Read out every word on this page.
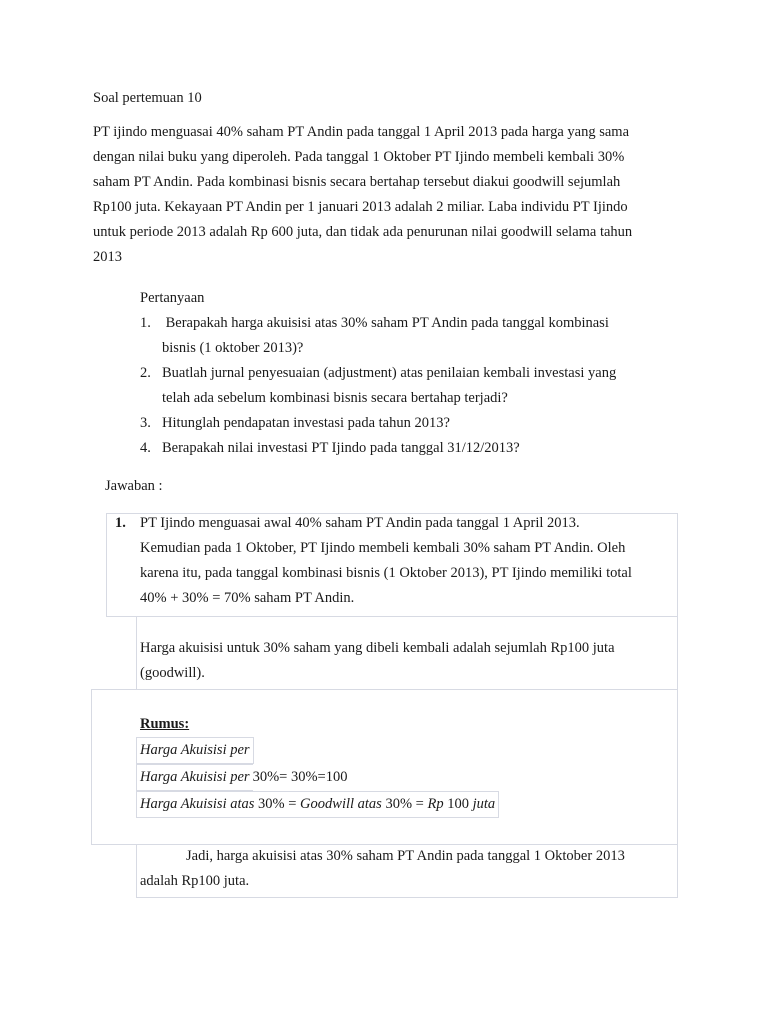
Soal pertemuan 10
PT ijindo menguasai 40% saham PT Andin pada tanggal 1 April 2013 pada harga yang sama
dengan nilai buku yang diperoleh. Pada tanggal 1 Oktober PT Ijindo membeli kembali 30%
saham PT Andin. Pada kombinasi bisnis secara bertahap tersebut diakui goodwill sejumlah
Rp100 juta. Kekayaan PT Andin per 1 januari 2013 adalah 2 miliar. Laba individu PT Ijindo
untuk periode 2013 adalah Rp 600 juta, dan tidak ada penurunan nilai goodwill selama tahun
2013
Pertanyaan
1. Berapakah harga akuisisi atas 30% saham PT Andin pada tanggal kombinasi
bisnis (1 oktober 2013)?
2. Buatlah jurnal penyesuaian (adjustment) atas penilaian kembali investasi yang
telah ada sebelum kombinasi bisnis secara bertahap terjadi?
3. Hitunglah pendapatan investasi pada tahun 2013?
4. Berapakah nilai investasi PT Ijindo pada tanggal 31/12/2013?
Jawaban :
1. PT Ijindo menguasai awal 40% saham PT Andin pada tanggal 1 April 2013.
Kemudian pada 1 Oktober, PT Ijindo membeli kembali 30% saham PT Andin. Oleh
karena itu, pada tanggal kombinasi bisnis (1 Oktober 2013), PT Ijindo memiliki total
40% + 30% = 70% saham PT Andin.
Harga akuisisi untuk 30% saham yang dibeli kembali adalah sejumlah Rp100 juta
(goodwill).
Rumus:
Harga Akuisisi per
Harga Akuisisi per 30%= 30%=100
Harga Akuisisi atas 30% = Goodwill atas 30% = Rp 100 juta
Jadi, harga akuisisi atas 30% saham PT Andin pada tanggal 1 Oktober 2013
adalah Rp100 juta.
